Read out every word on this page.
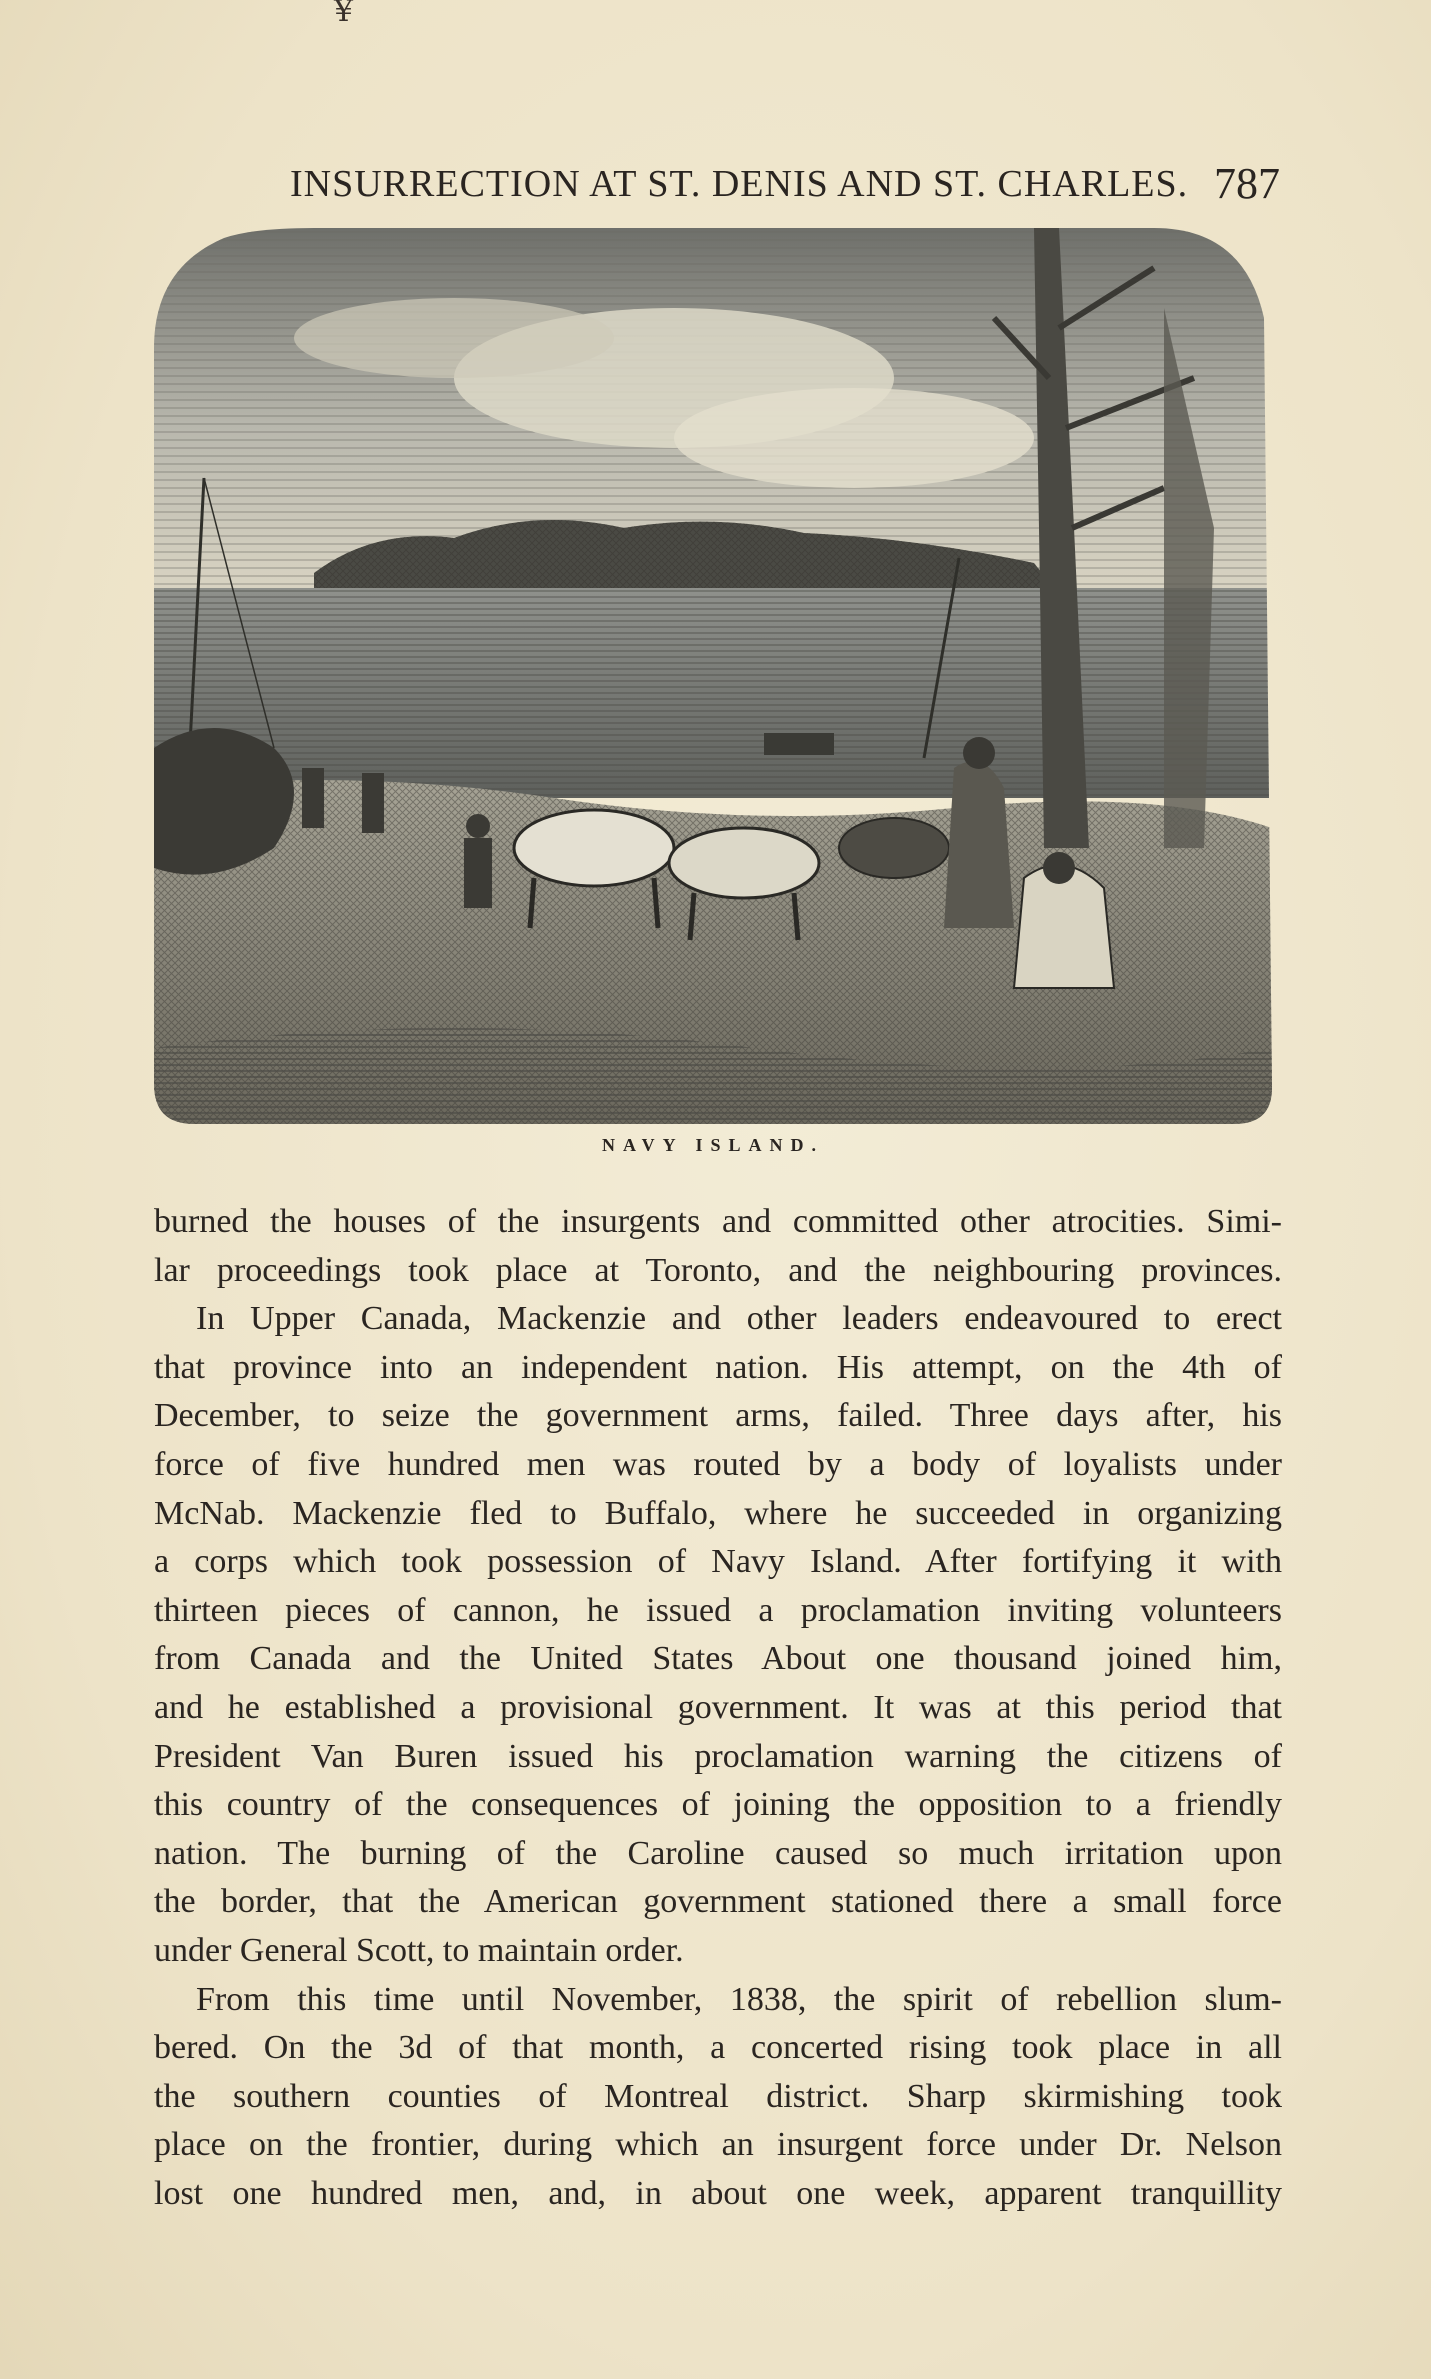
¥
INSURRECTION AT ST. DENIS AND ST. CHARLES. 787
NAVY ISLAND.
burned the houses of the insurgents and committed other atrocities. Simi-
lar proceedings took place at Toronto, and the neighbouring provinces.
In Upper Canada, Mackenzie and other leaders endeavoured to erect
that province into an independent nation. His attempt, on the 4th of
December, to seize the government arms, failed. Three days after, his
force of five hundred men was routed by a body of loyalists under
McNab. Mackenzie fled to Buffalo, where he succeeded in organizing
a corps which took possession of Navy Island. After fortifying it with
thirteen pieces of cannon, he issued a proclamation inviting volunteers
from Canada and the United States About one thousand joined him,
and he established a provisional government. It was at this period that
President Van Buren issued his proclamation warning the citizens of
this country of the consequences of joining the opposition to a friendly
nation. The burning of the Caroline caused so much irritation upon
the border, that the American government stationed there a small force
under General Scott, to maintain order.
From this time until November, 1838, the spirit of rebellion slum-
bered. On the 3d of that month, a concerted rising took place in all
the southern counties of Montreal district. Sharp skirmishing took
place on the frontier, during which an insurgent force under Dr. Nelson
lost one hundred men, and, in about one week, apparent tranquillity
